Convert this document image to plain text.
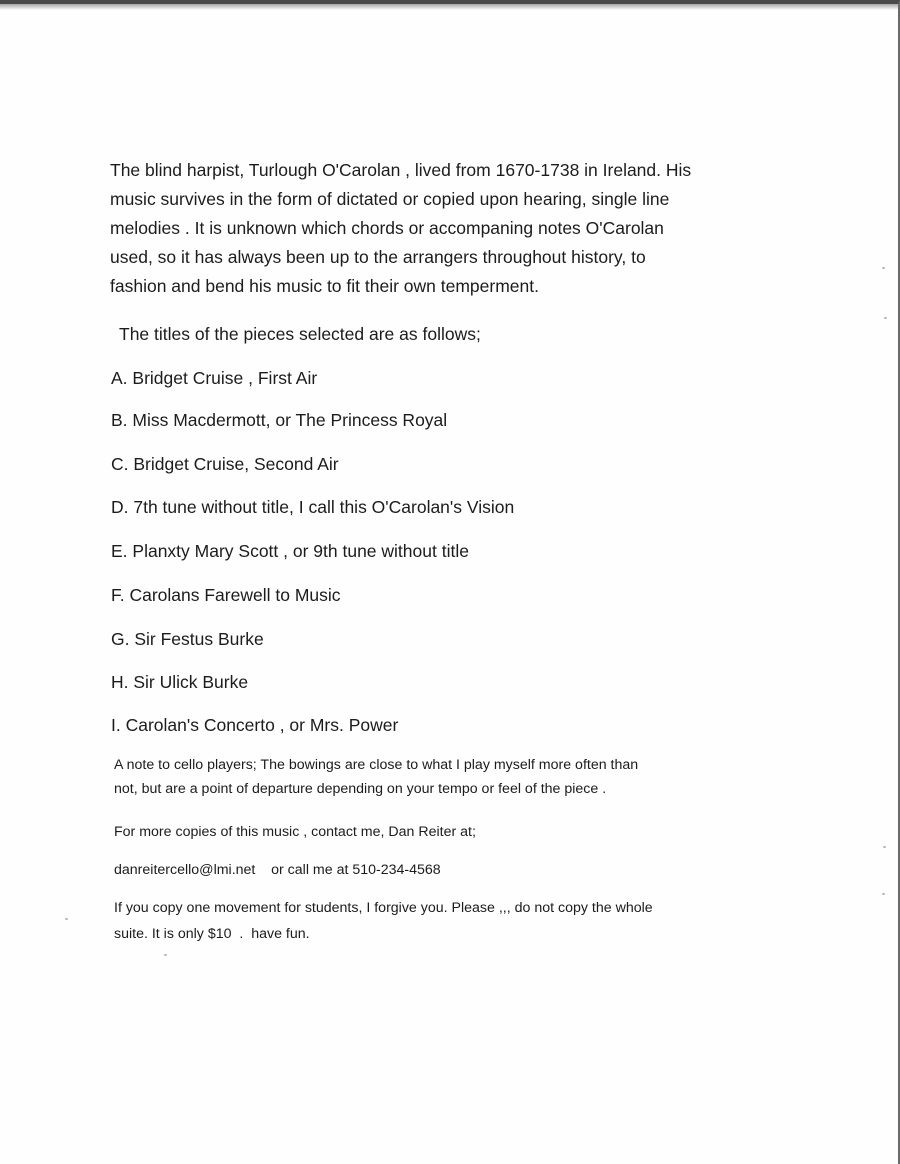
The blind harpist, Turlough O'Carolan , lived from 1670-1738 in Ireland. His

music survives in the form of dictated or copied upon hearing, single line

melodies . It is unknown which chords or accompaning notes O'Carolan

used, so it has always been up to the arrangers throughout history, to

fashion and bend his music to fit their own temperment.

The titles of the pieces selected are as follows;

A. Bridget Cruise , First Air

B. Miss Macdermott, or The Princess Royal

C. Bridget Cruise, Second Air

D. 7th tune without title, I call this O'Carolan's Vision

E. Planxty Mary Scott , or 9th tune without title

F. Carolans Farewell to Music

G. Sir Festus Burke

H. Sir Ulick Burke

I. Carolan's Concerto , or Mrs. Power

A note to cello players; The bowings are close to what I play myself more often than

not, but are a point of departure depending on your tempo or feel of the piece .

For more copies of this music , contact me, Dan Reiter at;

danreitercello@lmi.net    or call me at 510-234-4568

If you copy one movement for students, I forgive you. Please ,,, do not copy the whole

suite. It is only $10  .  have fun.
